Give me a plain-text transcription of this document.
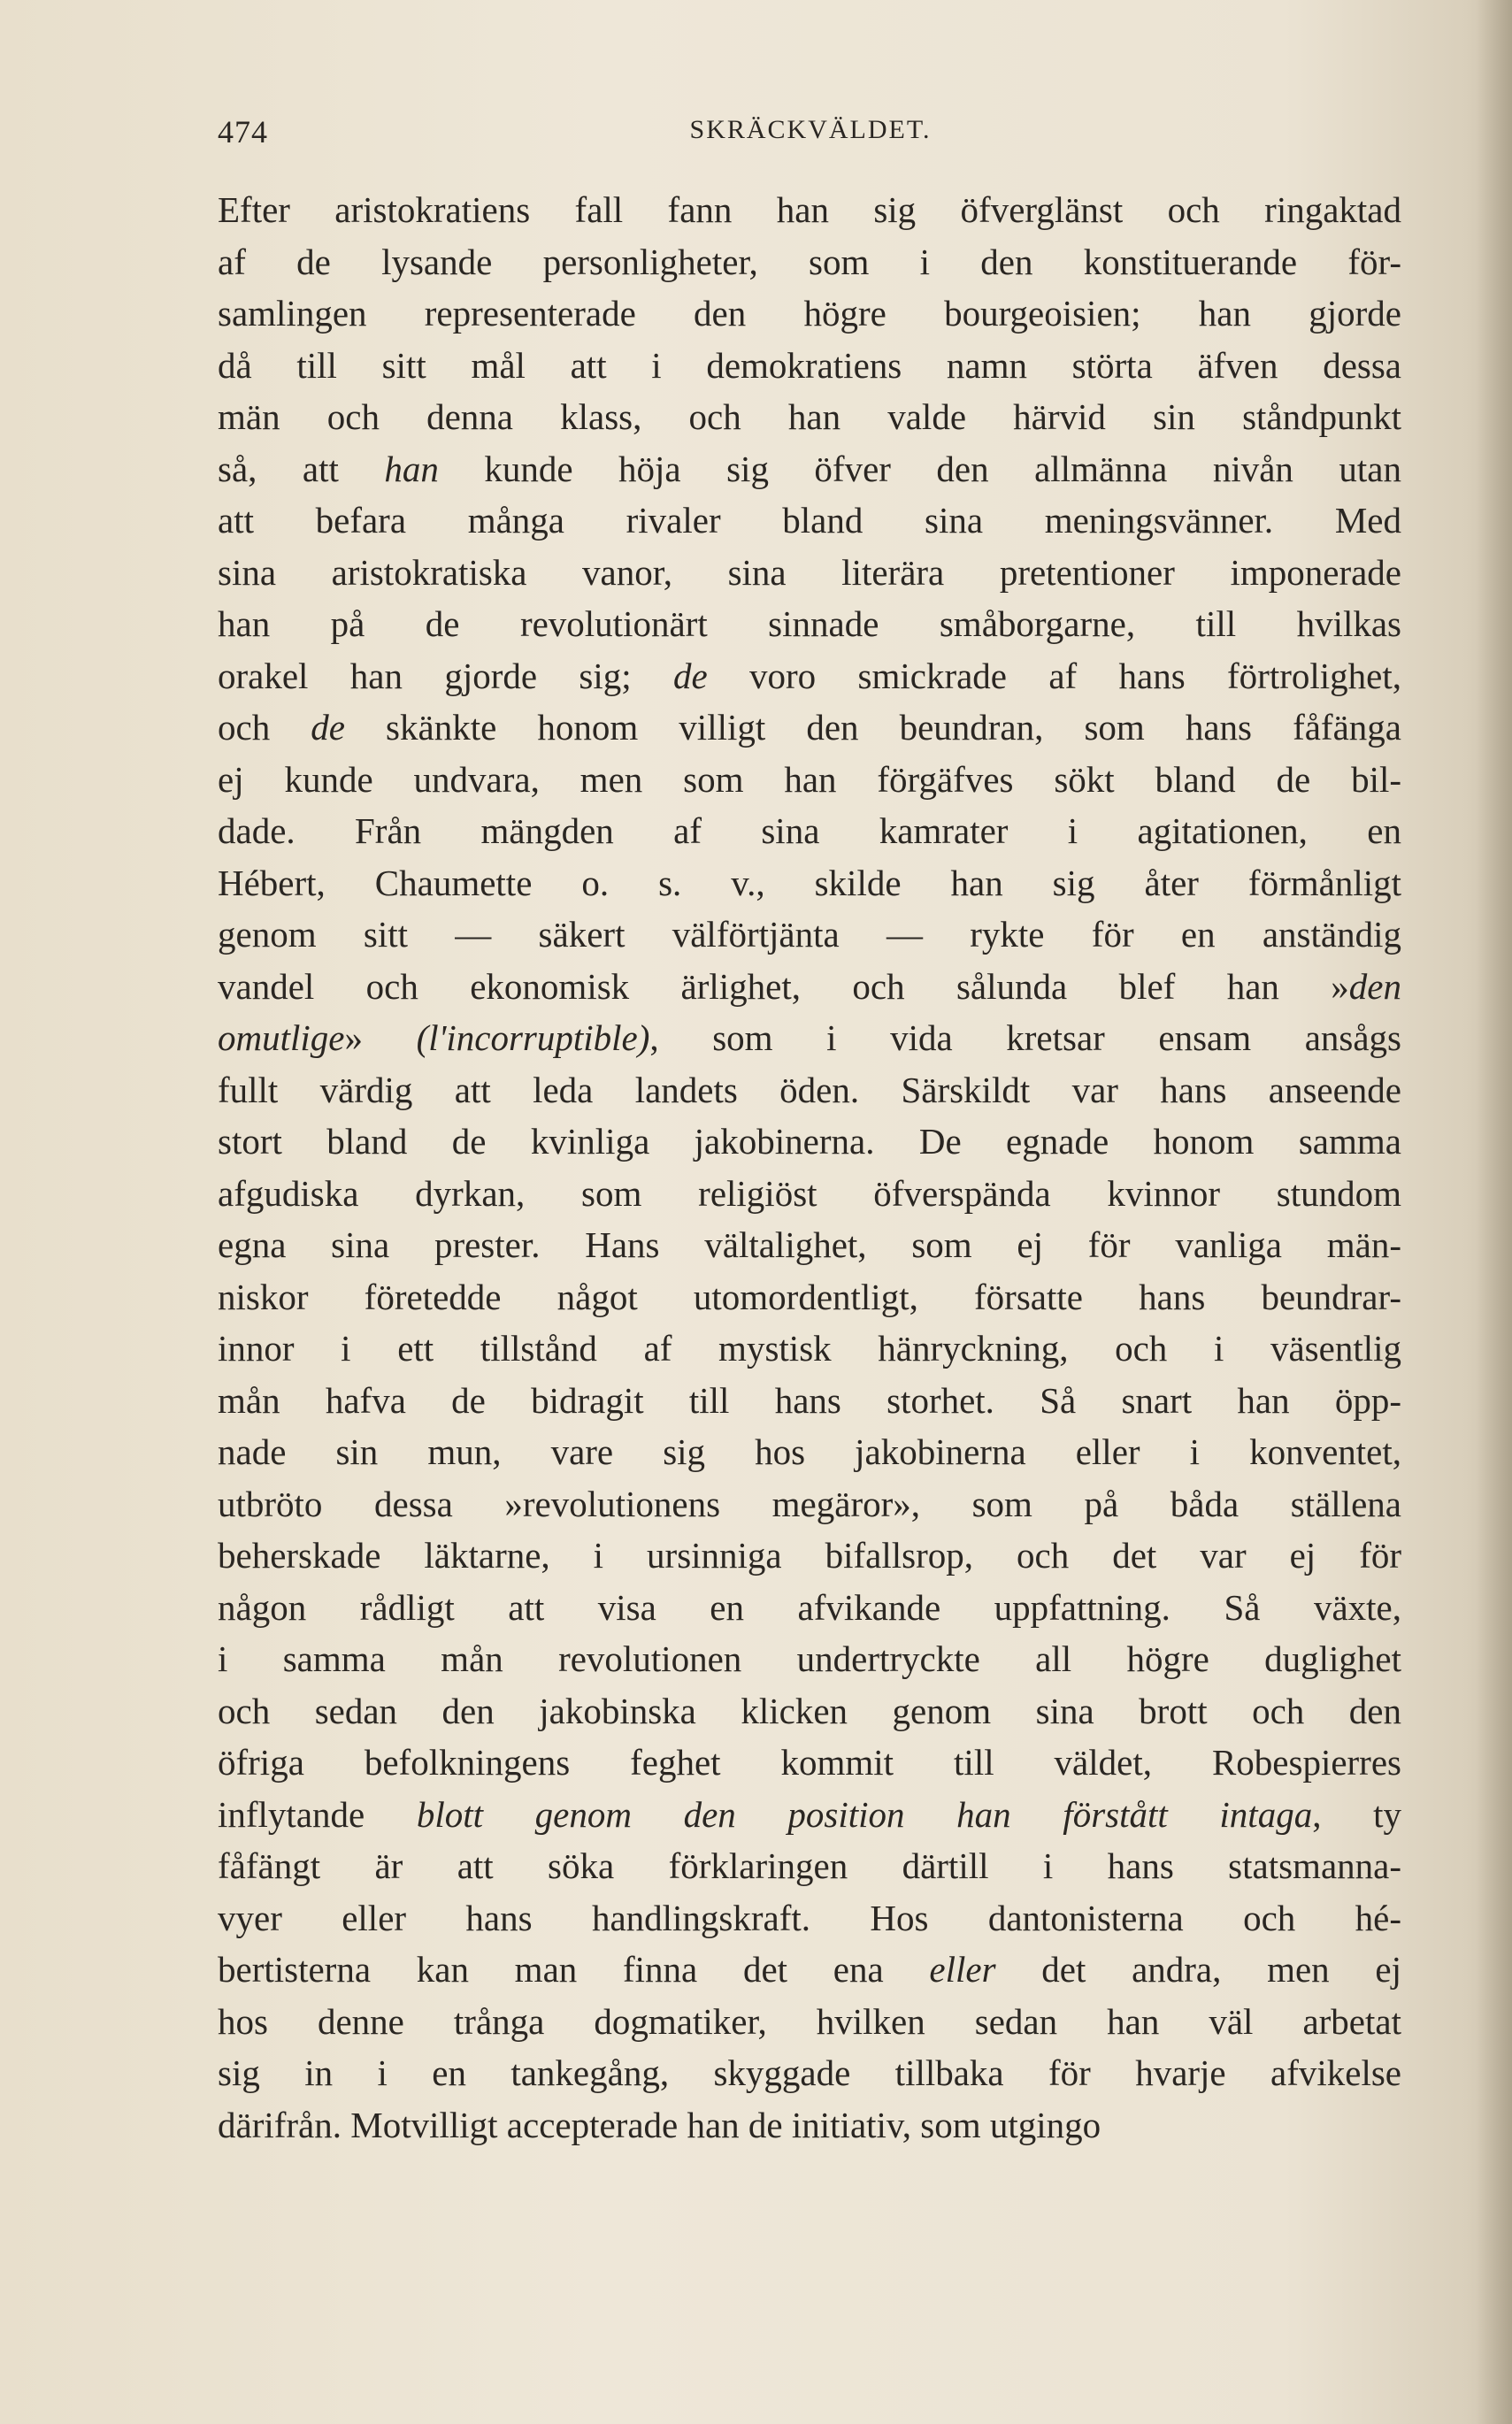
474	SKRÄCKVÄLDET.
Efter aristokratiens fall fann han sig öfverglänst och ringaktad
af de lysande personligheter, som i den konstituerande för-
samlingen representerade den högre bourgeoisien; han gjorde
då till sitt mål att i demokratiens namn störta äfven dessa
män och denna klass, och han valde härvid sin ståndpunkt
så, att han kunde höja sig öfver den allmänna nivån utan
att befara många rivaler bland sina meningsvänner. Med
sina aristokratiska vanor, sina literära pretentioner imponerade
han på de revolutionärt sinnade småborgarne, till hvilkas
orakel han gjorde sig; de voro smickrade af hans förtrolighet,
och de skänkte honom villigt den beundran, som hans fåfänga
ej kunde undvara, men som han förgäfves sökt bland de bil-
dade. Från mängden af sina kamrater i agitationen, en
Hébert, Chaumette o. s. v., skilde han sig åter förmånligt
genom sitt — säkert välförtjänta — rykte för en anständig
vandel och ekonomisk ärlighet, och sålunda blef han »den
omutlige» (l'incorruptible), som i vida kretsar ensam ansågs
fullt värdig att leda landets öden. Särskildt var hans anseende
stort bland de kvinliga jakobinerna. De egnade honom samma
afgudiska dyrkan, som religiöst öfverspända kvinnor stundom
egna sina prester. Hans vältalighet, som ej för vanliga män-
niskor företedde något utomordentligt, försatte hans beundrar-
innor i ett tillstånd af mystisk hänryckning, och i väsentlig
mån hafva de bidragit till hans storhet. Så snart han öpp-
nade sin mun, vare sig hos jakobinerna eller i konventet,
utbröto dessa »revolutionens megäror», som på båda ställena
beherskade läktarne, i ursinniga bifallsrop, och det var ej för
någon rådligt att visa en afvikande uppfattning. Så växte,
i samma mån revolutionen undertryckte all högre duglighet
och sedan den jakobinska klicken genom sina brott och den
öfriga befolkningens feghet kommit till väldet, Robespierres
inflytande blott genom den position han förstått intaga, ty
fåfängt är att söka förklaringen därtill i hans statsmanna-
vyer eller hans handlingskraft. Hos dantonisterna och hé-
bertisterna kan man finna det ena eller det andra, men ej
hos denne trånga dogmatiker, hvilken sedan han väl arbetat
sig in i en tankegång, skyggade tillbaka för hvarje afvikelse
därifrån. Motvilligt accepterade han de initiativ, som utgingo
